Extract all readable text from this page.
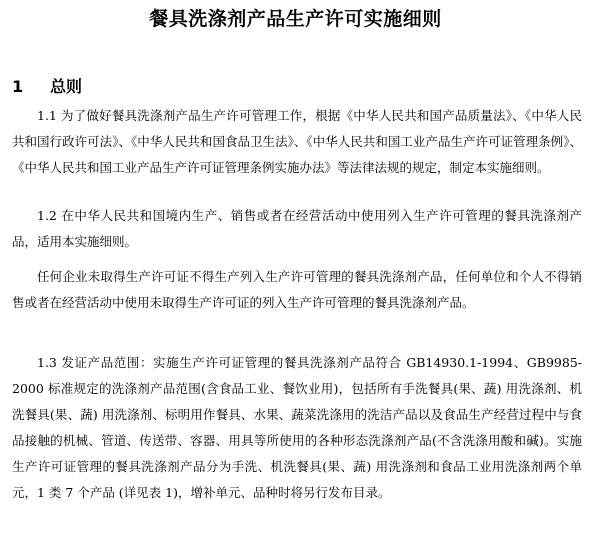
餐具洗涤剂产品生产许可实施细则
1 总则

1.1 为了做好餐具洗涤剂产品生产许可管理工作，根据《中华人民共和国产品质量法》、《中华人民共和国行政许可法》、《中华人民共和国食品卫生法》、《中华人民共和国工业产品生产许可证管理条例》、《中华人民共和国工业产品生产许可证管理条例实施办法》等法律法规的规定，制定本实施细则。

1.2 在中华人民共和国境内生产、销售或者在经营活动中使用列入生产许可管理的餐具洗涤剂产品，适用本实施细则。

任何企业未取得生产许可证不得生产列入生产许可管理的餐具洗涤剂产品，任何单位和个人不得销售或者在经营活动中使用未取得生产许可证的列入生产许可管理的餐具洗涤剂产品。

1.3 发证产品范围：实施生产许可证管理的餐具洗涤剂产品符合 GB14930.1-1994、GB9985-2000 标准规定的洗涤剂产品范围(含食品工业、餐饮业用)，包括所有手洗餐具(果、蔬) 用洗涤剂、机洗餐具(果、蔬) 用洗涤剂、标明用作餐具、水果、蔬菜洗涤用的洗洁产品以及食品生产经营过程中与食品接触的机械、管道、传送带、容器、用具等所使用的各种形态洗涤剂产品(不含洗涤用酸和碱)。实施生产许可证管理的餐具洗涤剂产品分为手洗、机洗餐具(果、蔬) 用洗涤剂和食品工业用洗涤剂两个单元，1 类 7 个产品 (详见表 1)，增补单元、品种时将另行发布目录。
